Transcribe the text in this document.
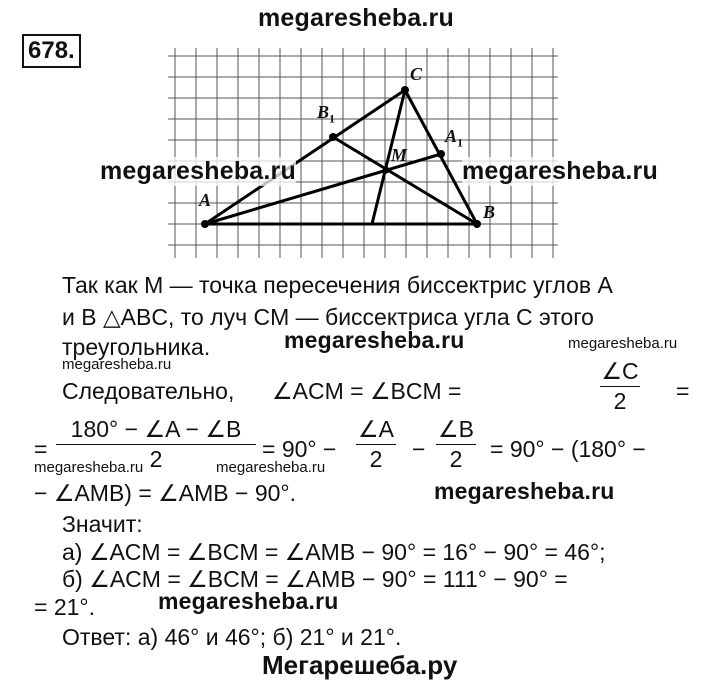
megaresheba.ru
678.
A
B
C
M
$A_1$
$B_1$
megaresheba.ru	megaresheba.ru
Так как M — точка пересечения биссектрис углов A
и B △ABC, то луч CM — биссектриса угла C этого
треугольника.	megaresheba.ru	megaresheba.ru
megaresheba.ru
Следовательно, ∠ACM = ∠BCM =
∠C
2	=
=
180° − ∠A − ∠B
2	= 90° −
∠A
2	−
∠B
2	= 90° − (180° −
megaresheba.ru	megaresheba.ru
− ∠AMB) = ∠AMB − 90°.	megaresheba.ru
Значит:
а) ∠ACM = ∠BCM = ∠AMB − 90° = 16° − 90° = 46°;
б) ∠ACM = ∠BCM = ∠AMB − 90° = 111° − 90° =
= 21°.	megaresheba.ru
Ответ: а) 46° и 46°; б) 21° и 21°.
Мегарешеба.ру
